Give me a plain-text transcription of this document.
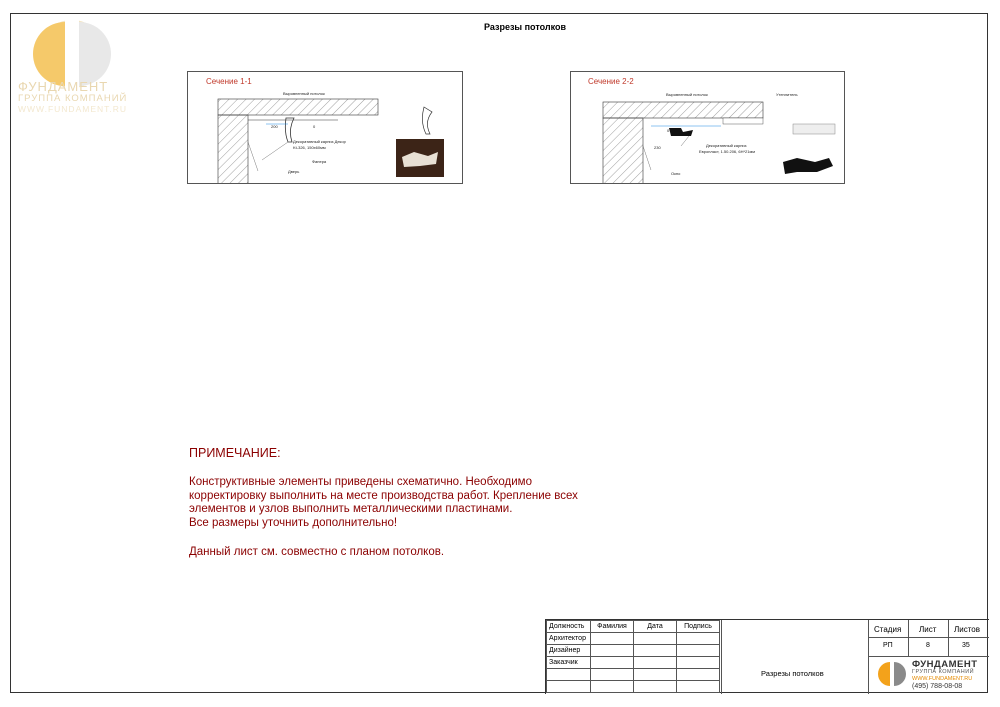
ФУНДАМЕНТ
ГРУППА КОМПАНИЙ
WWW.FUNDAMENT.RU
Разрезы потолков
Сечение 1-1
Выровненный потолок
Декоративный карниз Декор
Kt-326, 150х60мм
Фанера
Дверь
200	0
Сечение 2-2
Выровненный потолок	Утеплитель
Декоративный карниз
Европласт, 1.50.206, 6Н*21мм
Окно
230
0
ПРИМЕЧАНИЕ:
Конструктивные элементы приведены схематично. Необходимо
корректировку выполнить на месте производства работ. Крепление всех
элементов и узлов выполнить металлическими пластинами.
Все размеры уточнить дополнительно!
Данный лист см. совместно с планом потолков.
Должность	Фамилия	Дата	Подпись
Архитектор			
Дизайнер			
Заказчик			

Разрезы потолков
Стадия Лист Листов
РП	8	35
ФУНДАМЕНТ
ГРУППА КОМПАНИЙ
WWW.FUNDAMENT.RU
(495) 788-08-08
